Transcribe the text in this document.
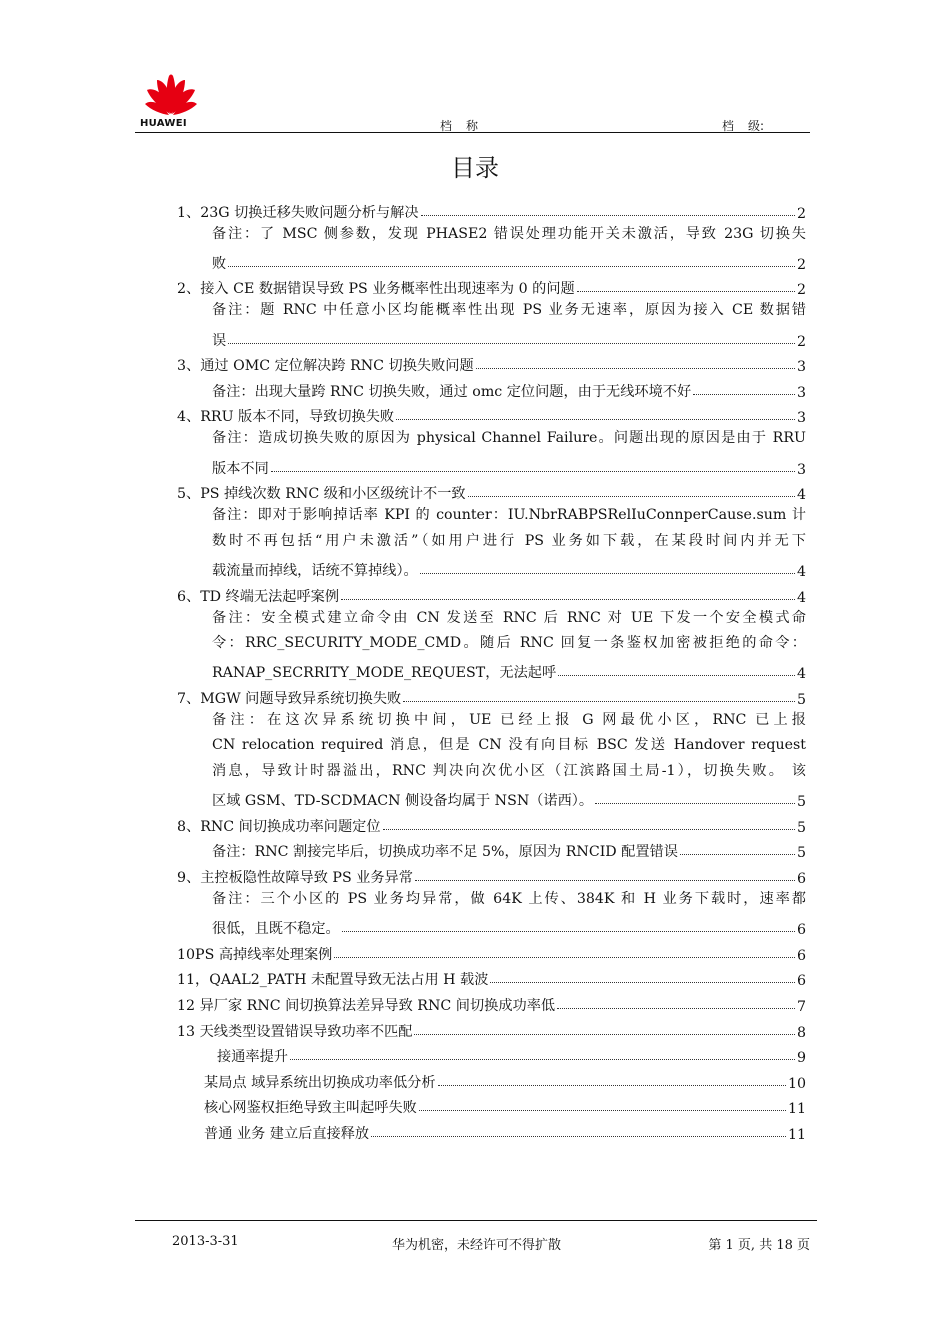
HUAWEI	档称	档 级:
目录
1、23G 切换迁移失败问题分析与解决	2
备注：了 MSC 侧参数，发现 PHASE2 错误处理功能开关未激活，导致 23G 切换失
败	2
2、接入 CE 数据错误导致 PS 业务概率性出现速率为 0 的问题	2
备注：题 RNC 中任意小区均能概率性出现 PS 业务无速率，原因为接入 CE 数据错
误	2
3、通过 OMC 定位解决跨 RNC 切换失败问题	3
备注：出现大量跨 RNC 切换失败，通过 omc 定位问题，由于无线环境不好	3
4、RRU 版本不同，导致切换失败	3
备注：造成切换失败的原因为 physical Channel Failure。问题出现的原因是由于 RRU
版本不同	3
5、PS 掉线次数 RNC 级和小区级统计不一致	4
备注：即对于影响掉话率 KPI 的 counter：IU.NbrRABPSRelIuConnperCause.sum 计
数时不再包括“用户未激活”（如用户进行 PS 业务如下载，在某段时间内并无下
载流量而掉线，话统不算掉线）。	4
6、TD 终端无法起呼案例	4
备注：安全模式建立命令由 CN 发送至 RNC 后 RNC 对 UE 下发一个安全模式命
令：RRC_SECURITY_MODE_CMD。随后 RNC 回复一条鉴权加密被拒绝的命令：
RANAP_SECRRITY_MODE_REQUEST，无法起呼	4
7、MGW 问题导致异系统切换失败	5
备注：在这次异系统切换中间，UE 已经上报 G 网最优小区，RNC 已上报
CN relocation required 消息，但是 CN 没有向目标 BSC 发送 Handover request
消息，导致计时器溢出，RNC 判决向次优小区（江滨路国土局-1），切换失败。 该
区域 GSM、TD-SCDMACN 侧设备均属于 NSN（诺西）。	5
8、RNC 间切换成功率问题定位	5
备注：RNC 割接完毕后，切换成功率不足 5%，原因为 RNCID 配置错误	5
9、主控板隐性故障导致 PS 业务异常	6
备注：三个小区的 PS 业务均异常，做 64K 上传、384K 和 H 业务下载时，速率都
很低，且既不稳定。	6
10PS 高掉线率处理案例	6
11，QAAL2_PATH 未配置导致无法占用 H 载波	6
12 异厂家 RNC 间切换算法差异导致 RNC 间切换成功率低	7
13 天线类型设置错误导致功率不匹配	8
接通率提升	9
某局点 域异系统出切换成功率低分析	10
核心网鉴权拒绝导致主叫起呼失败	11
普通 业务 建立后直接释放	11
2013-3-31	华为机密，未经许可不得扩散	第 1 页, 共 18 页
